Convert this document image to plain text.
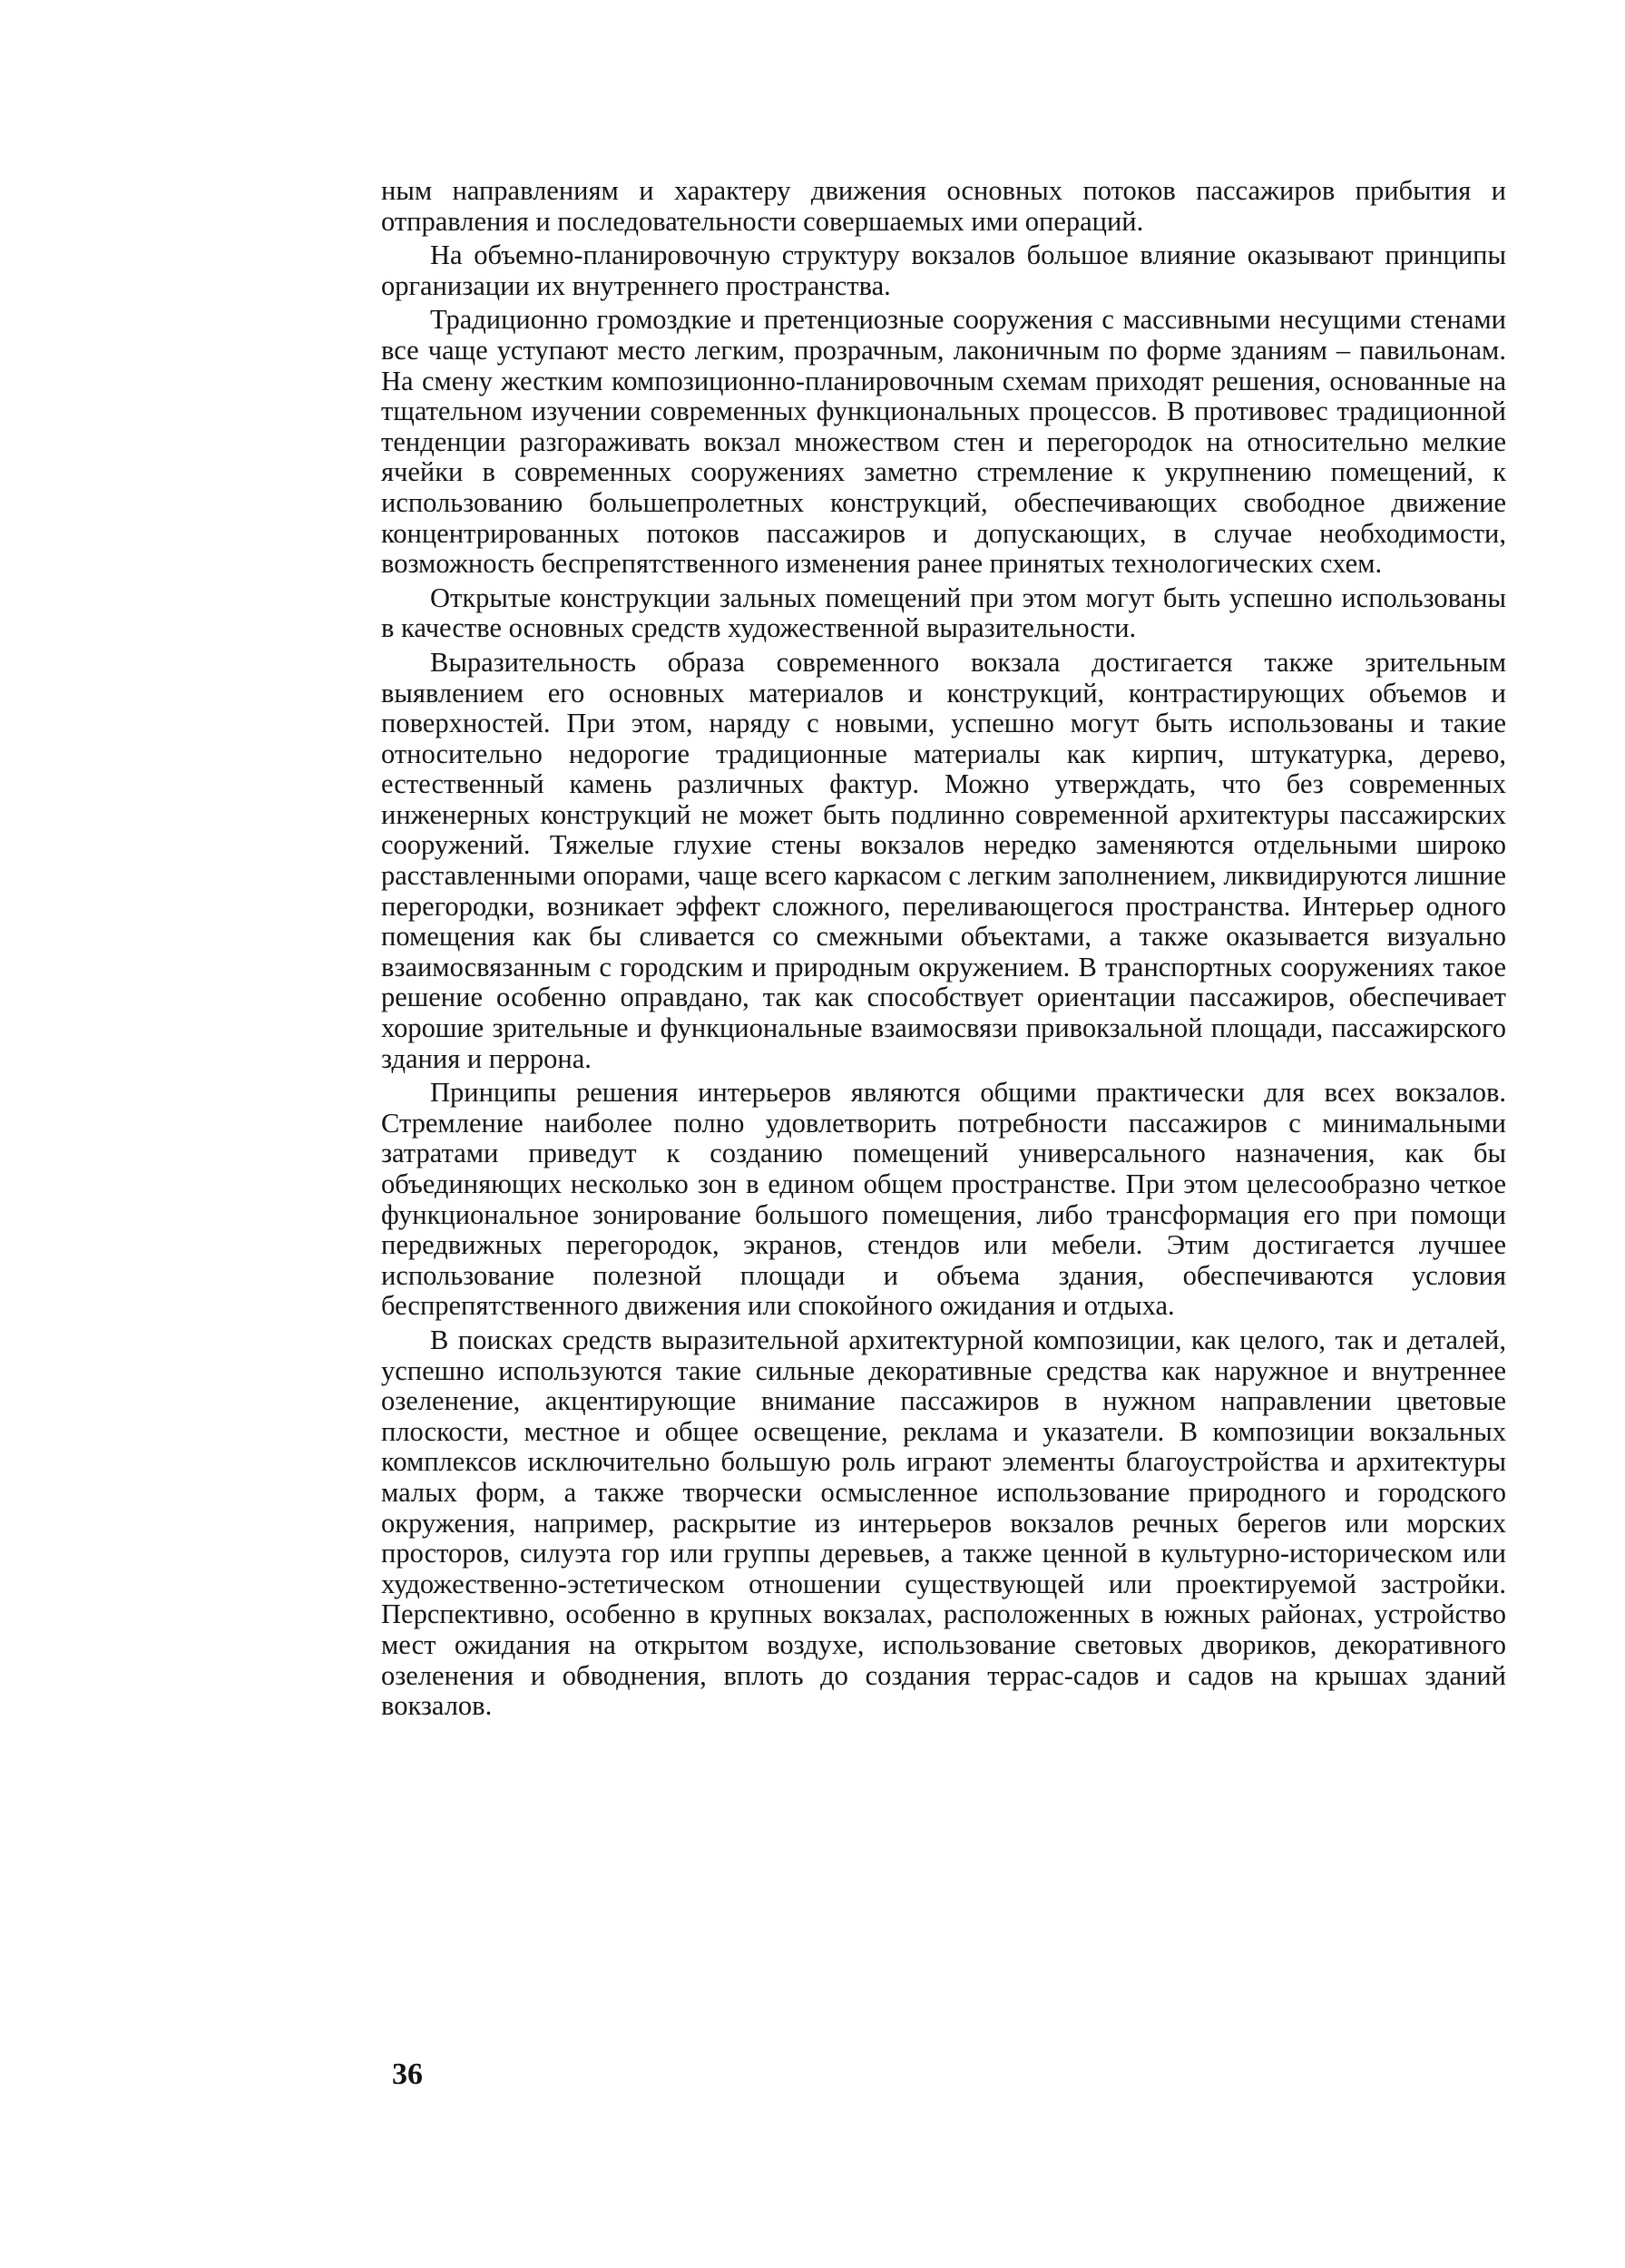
ным направлениям и характеру движения основных потоков пассажиров прибытия и отправления и последовательности совершаемых ими операций.

На объемно-планировочную структуру вокзалов большое влияние оказывают принципы организации их внутреннего пространства.

Традиционно громоздкие и претенциозные сооружения с массивными несущими стенами все чаще уступают место легким, прозрачным, лаконичным по форме зданиям – павильонам. На смену жестким композиционно-планировочным схемам приходят решения, основанные на тщательном изучении современных функциональных процессов. В противовес традиционной тенденции разгораживать вокзал множеством стен и перегородок на относительно мелкие ячейки в современных сооружениях заметно стремление к укрупнению помещений, к использованию большепролетных конструкций, обеспечивающих свободное движение концентрированных потоков пассажиров и допускающих, в случае необходимости, возможность беспрепятственного изменения ранее принятых технологических схем.

Открытые конструкции зальных помещений при этом могут быть успешно использованы в качестве основных средств художественной выразительности.

Выразительность образа современного вокзала достигается также зрительным выявлением его основных материалов и конструкций, контрастирующих объемов и поверхностей. При этом, наряду с новыми, успешно могут быть использованы и такие относительно недорогие традиционные материалы как кирпич, штукатурка, дерево, естественный камень различных фактур. Можно утверждать, что без современных инженерных конструкций не может быть подлинно современной архитектуры пассажирских сооружений. Тяжелые глухие стены вокзалов нередко заменяются отдельными широко расставленными опорами, чаще всего каркасом с легким заполнением, ликвидируются лишние перегородки, возникает эффект сложного, переливающегося пространства. Интерьер одного помещения как бы сливается со смежными объектами, а также оказывается визуально взаимосвязанным с городским и природным окружением. В транспортных сооружениях такое решение особенно оправдано, так как способствует ориентации пассажиров, обеспечивает хорошие зрительные и функциональные взаимосвязи привокзальной площади, пассажирского здания и перрона.

Принципы решения интерьеров являются общими практически для всех вокзалов. Стремление наиболее полно удовлетворить потребности пассажиров с минимальными затратами приведут к созданию помещений универсального назначения, как бы объединяющих несколько зон в едином общем пространстве. При этом целесообразно четкое функциональное зонирование большого помещения, либо трансформация его при помощи передвижных перегородок, экранов, стендов или мебели. Этим достигается лучшее использование полезной площади и объема здания, обеспечиваются условия беспрепятственного движения или спокойного ожидания и отдыха.

В поисках средств выразительной архитектурной композиции, как целого, так и деталей, успешно используются такие сильные декоративные средства как наружное и внутреннее озеленение, акцентирующие внимание пассажиров в нужном направлении цветовые плоскости, местное и общее освещение, реклама и указатели. В композиции вокзальных комплексов исключительно большую роль играют элементы благоустройства и архитектуры малых форм, а также творчески осмысленное использование природного и городского окружения, например, раскрытие из интерьеров вокзалов речных берегов или морских просторов, силуэта гор или группы деревьев, а также ценной в культурно-историческом или художественно-эстетическом отношении существующей или проектируемой застройки. Перспективно, особенно в крупных вокзалах, расположенных в южных районах, устройство мест ожидания на открытом воздухе, использование световых двориков, декоративного озеленения и обводнения, вплоть до создания террас-садов и садов на крышах зданий вокзалов.

36
